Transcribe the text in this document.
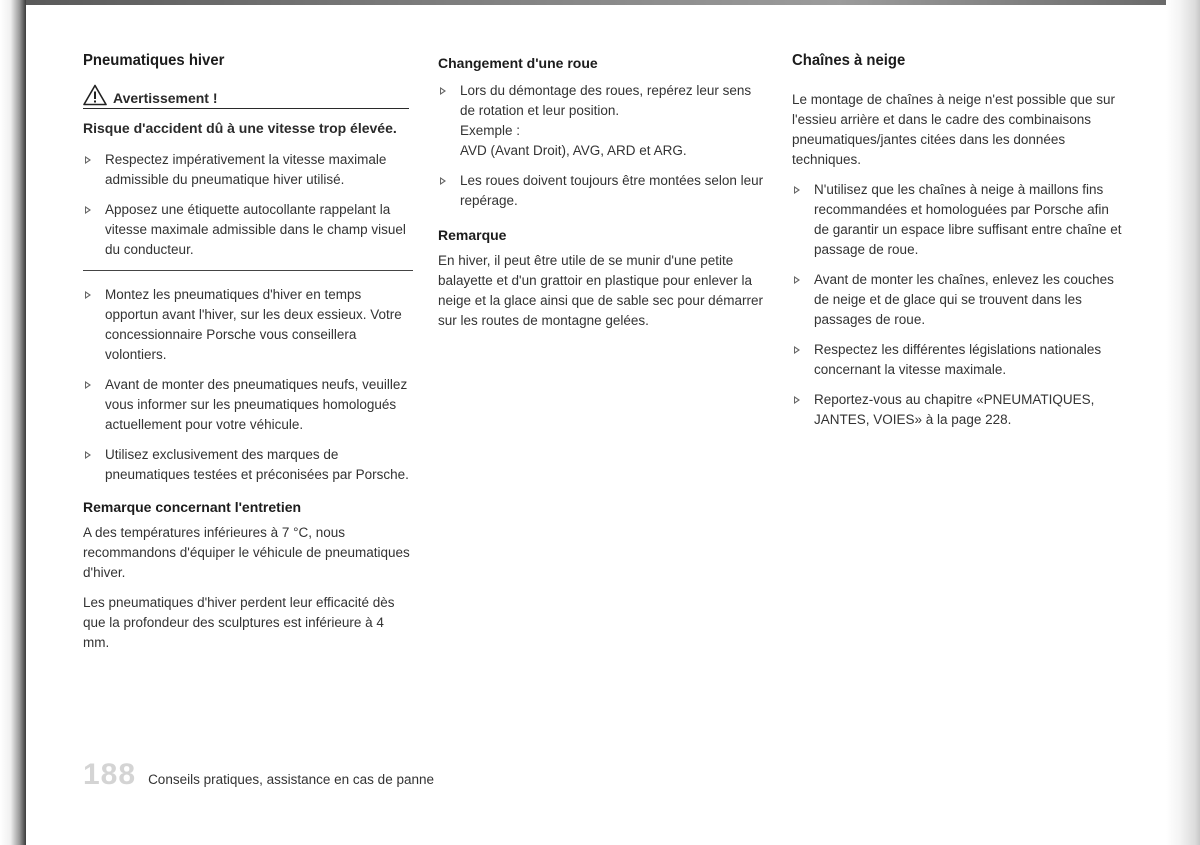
Pneumatiques hiver
Avertissement !

Risque d'accident dû à une vitesse trop élevée.

Respectez impérativement la vitesse maximale admissible du pneumatique hiver utilisé.
Apposez une étiquette autocollante rappelant la vitesse maximale admissible dans le champ visuel du conducteur.
Montez les pneumatiques d'hiver en temps opportun avant l'hiver, sur les deux essieux. Votre concessionnaire Porsche vous conseillera volontiers.
Avant de monter des pneumatiques neufs, veuillez vous informer sur les pneumatiques homologués actuellement pour votre véhicule.
Utilisez exclusivement des marques de pneumatiques testées et préconisées par Porsche.
Remarque concernant l'entretien

A des températures inférieures à 7 °C, nous recommandons d'équiper le véhicule de pneumatiques d'hiver.

Les pneumatiques d'hiver perdent leur efficacité dès que la profondeur des sculptures est inférieure à 4 mm.

Changement d'une roue
Lors du démontage des roues, repérez leur sens de rotation et leur position.
Exemple :
AVD (Avant Droit), AVG, ARD et ARG.
Les roues doivent toujours être montées selon leur repérage.
Remarque

En hiver, il peut être utile de se munir d'une petite balayette et d'un grattoir en plastique pour enlever la neige et la glace ainsi que de sable sec pour démarrer sur les routes de montagne gelées.

Chaînes à neige

Le montage de chaînes à neige n'est possible que sur l'essieu arrière et dans le cadre des combinaisons pneumatiques/jantes citées dans les données techniques.

N'utilisez que les chaînes à neige à maillons fins recommandées et homologuées par Porsche afin de garantir un espace libre suffisant entre chaîne et passage de roue.
Avant de monter les chaînes, enlevez les couches de neige et de glace qui se trouvent dans les passages de roue.
Respectez les différentes législations nationales concernant la vitesse maximale.
Reportez-vous au chapitre «PNEUMATIQUES, JANTES, VOIES» à la page 228.
188 Conseils pratiques, assistance en cas de panne
